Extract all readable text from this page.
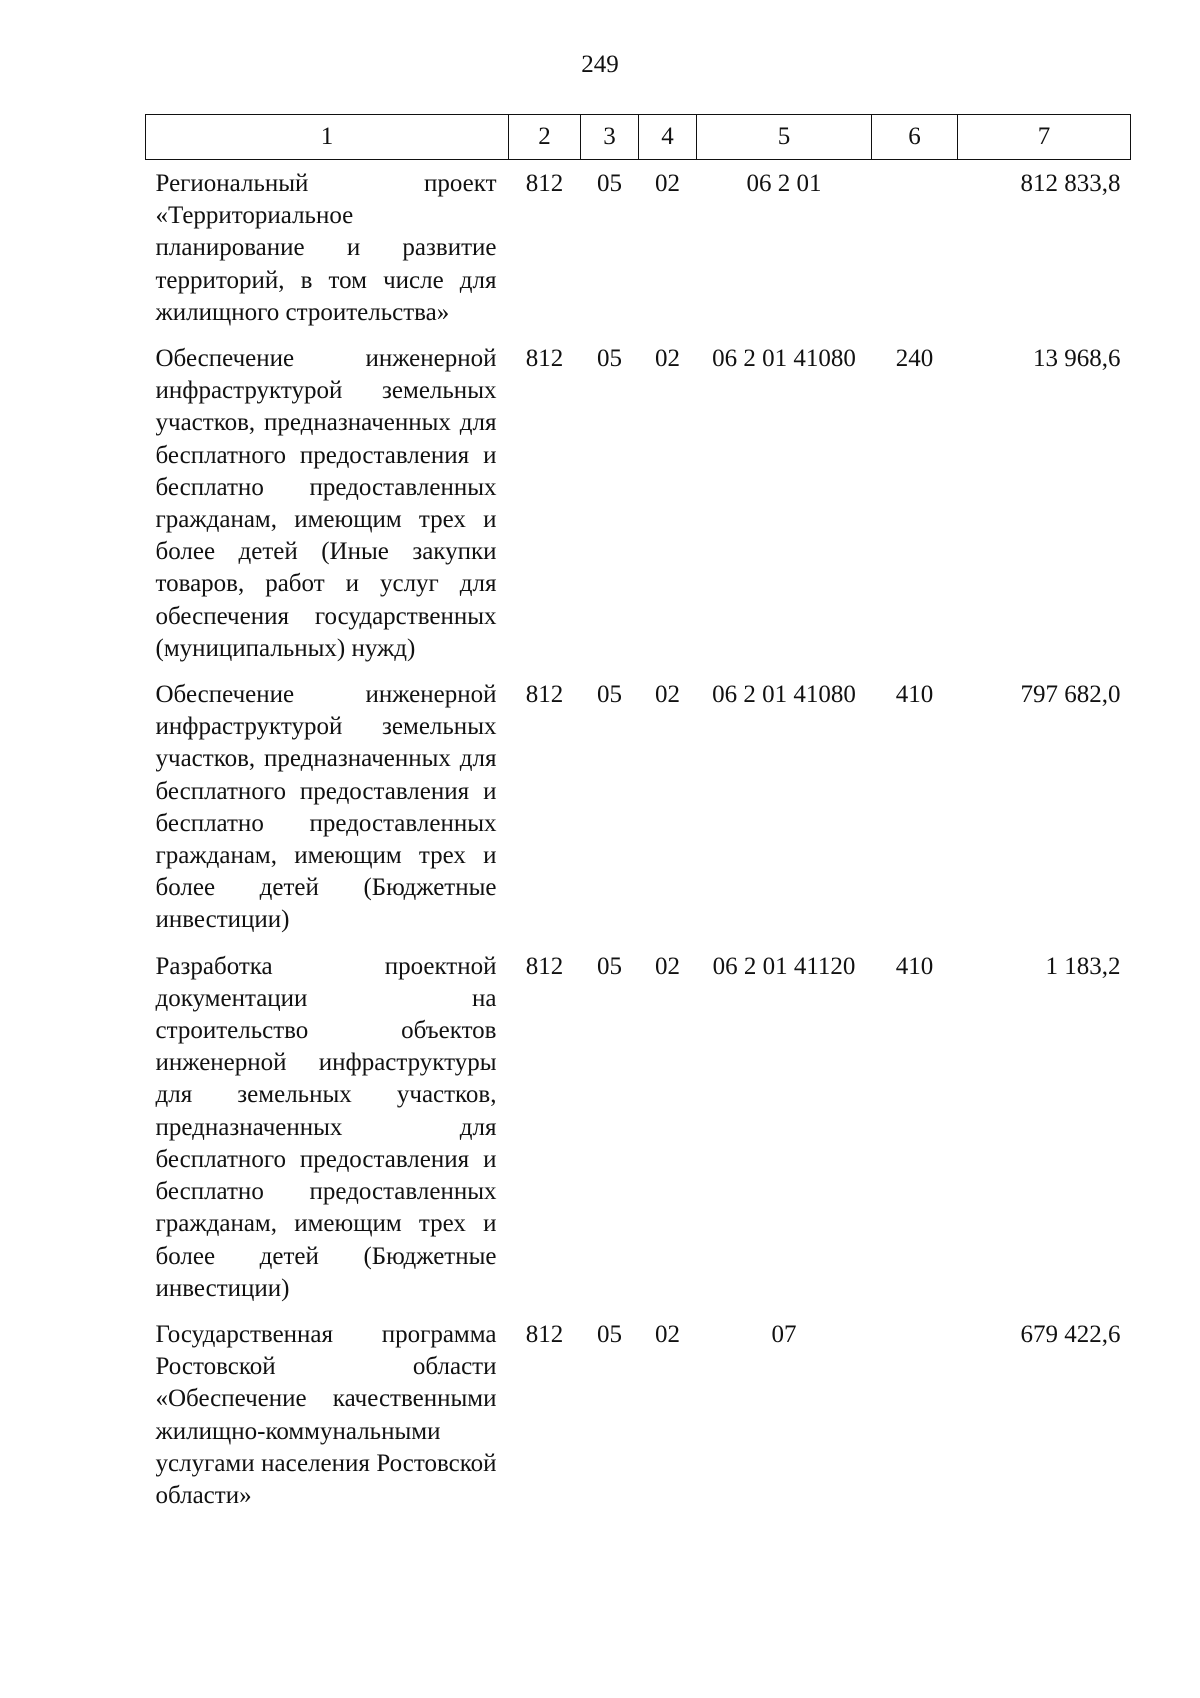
249
1	2	3	4	5	6	7

Региональный проект «Территориальное планирование и развитие территорий, в том числе для жилищного строительства»	812	05	02	06 2 01		812 833,8

Обеспечение инженерной инфраструктурой земельных участков, предназначенных для бесплатного предоставления и бесплатно предоставленных гражданам, имеющим трех и более детей (Иные закупки товаров, работ и услуг для обеспечения государственных (муниципальных) нужд)	812	05	02	06 2 01 41080	240	13 968,6

Обеспечение инженерной инфраструктурой земельных участков, предназначенных для бесплатного предоставления и бесплатно предоставленных гражданам, имеющим трех и более детей (Бюджетные инвестиции)	812	05	02	06 2 01 41080	410	797 682,0

Разработка проектной документации на строительство объектов инженерной инфраструктуры для земельных участков, предназначенных для бесплатного предоставления и бесплатно предоставленных гражданам, имеющим трех и более детей (Бюджетные инвестиции)	812	05	02	06 2 01 41120	410	1 183,2

Государственная программа Ростовской области «Обеспечение качественными жилищно-коммунальными услугами населения Ростовской области»	812	05	02	07		679 422,6
